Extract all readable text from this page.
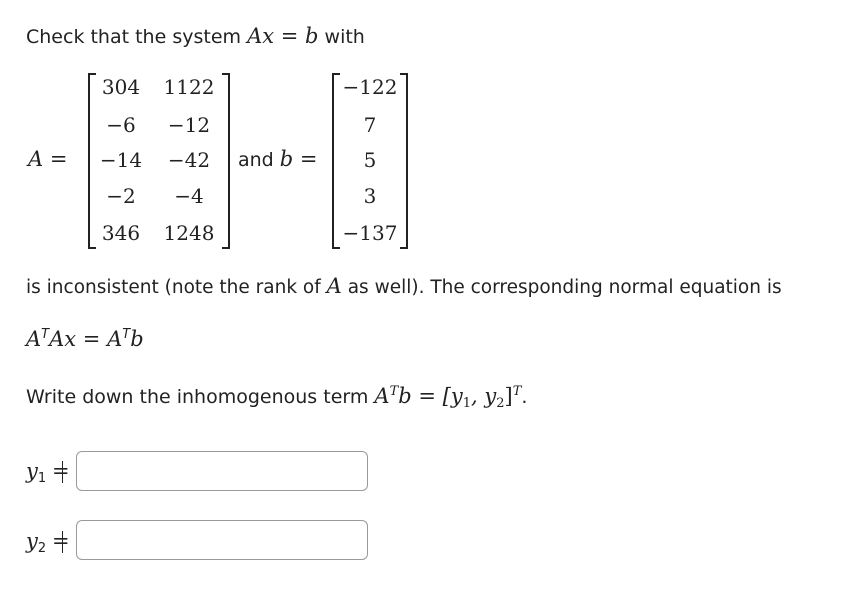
Check that the system Ax = b with
A =
304 1122
−6	−12
−14	−42
−2	−4
346 1248
and b =
−122
7
5
3
−137
is inconsistent (note the rank of A as well). The corresponding normal equation is
$A^TAx = A^Tb$
Write down the inhomogenous term $A^Tb = [y_1$, $y_2]^T$.
$y_1$ =
$y_2$ =
